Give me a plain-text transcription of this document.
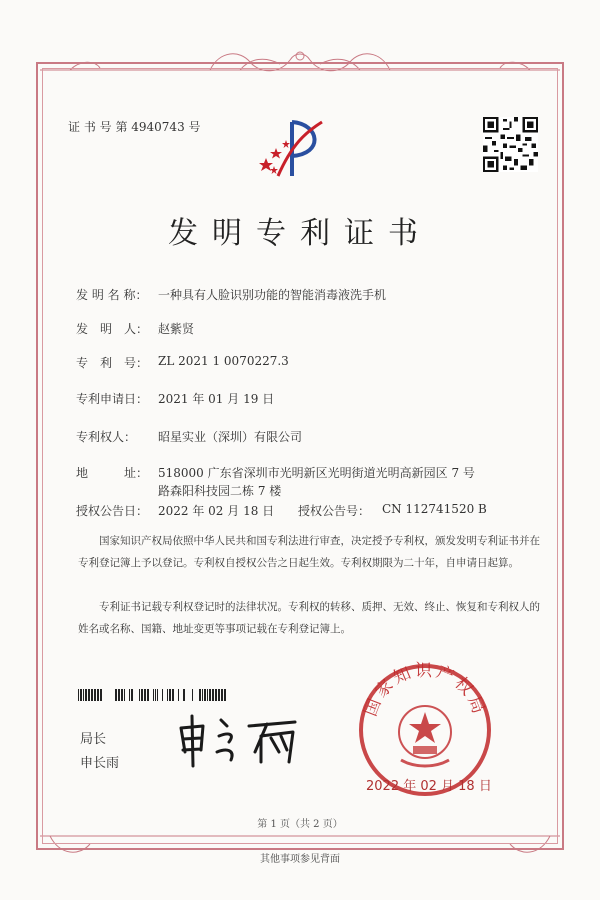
证 书 号 第 4940743 号
发明专利证书
发 明 名 称： 一种具有人脸识别功能的智能消毒液洗手机
发　明　人： 赵紫贤
专　利　号： ZL 2021 1 0070227.3
专利申请日： 2021 年 01 月 19 日
专利权人： 昭星实业（深圳）有限公司
地　　　址： 518000 广东省深圳市光明新区光明街道光明高新园区 7 号
路森阳科技园二栋 7 楼
授权公告日： 2022 年 02 月 18 日 授权公告号： CN 112741520 B
国家知识产权局依照中华人民共和国专利法进行审查，决定授予专利权，颁发发明专利证书并在专利登记簿上予以登记。专利权自授权公告之日起生效。专利权期限为二十年，自申请日起算。
专利证书记载专利权登记时的法律状况。专利权的转移、质押、无效、终止、恢复和专利权人的姓名或名称、国籍、地址变更等事项记载在专利登记簿上。
局长
申长雨
国家知识产权局
2022 年 02 月 18 日
第 1 页（共 2 页）
其他事项参见背面
